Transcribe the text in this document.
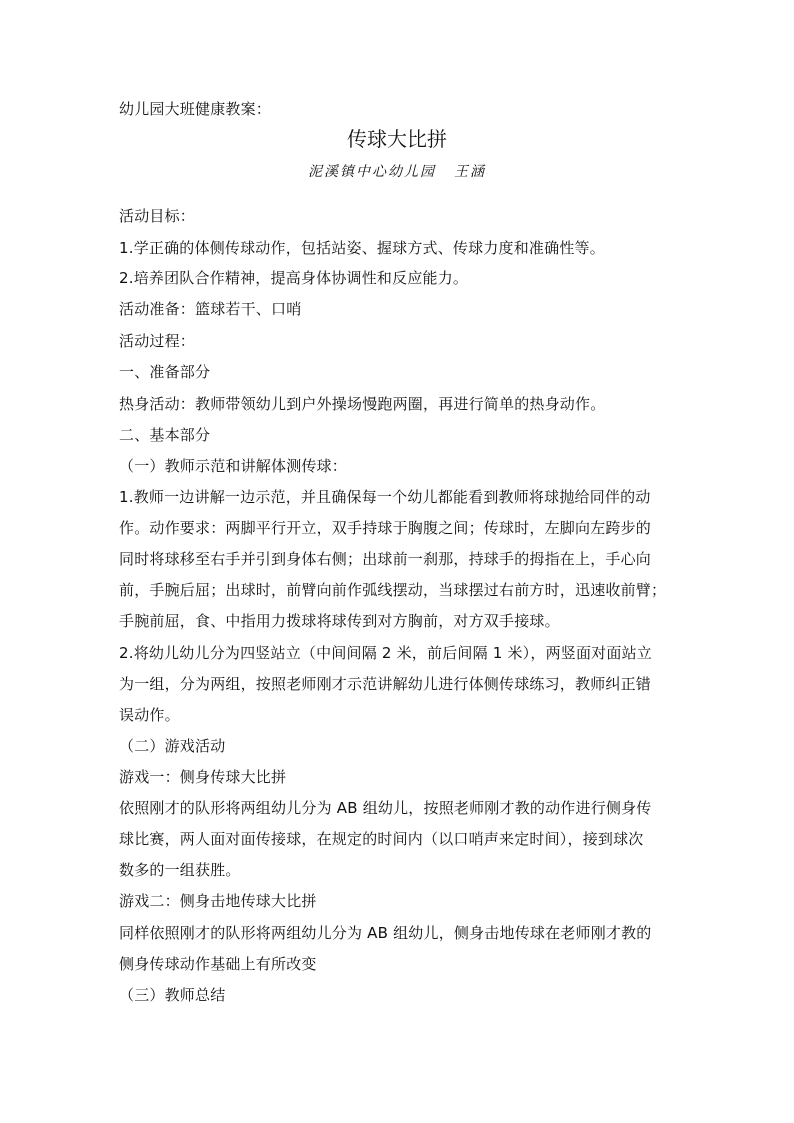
幼儿园大班健康教案：
传球大比拼
泥溪镇中心幼儿园 王涵
活动目标：
1.学正确的体侧传球动作，包括站姿、握球方式、传球力度和准确性等。
2.培养团队合作精神，提高身体协调性和反应能力。
活动准备：篮球若干、口哨
活动过程：
一、准备部分
热身活动：教师带领幼儿到户外操场慢跑两圈，再进行简单的热身动作。
二、基本部分
（一）教师示范和讲解体测传球：
1.教师一边讲解一边示范，并且确保每一个幼儿都能看到教师将球抛给同伴的动
作。动作要求：两脚平行开立，双手持球于胸腹之间；传球时，左脚向左跨步的
同时将球移至右手并引到身体右侧；出球前一刹那，持球手的拇指在上，手心向
前，手腕后屈；出球时，前臂向前作弧线摆动，当球摆过右前方时，迅速收前臂；
手腕前屈，食、中指用力拨球将球传到对方胸前，对方双手接球。
2.将幼儿幼儿分为四竖站立（中间间隔 2 米，前后间隔 1 米），两竖面对面站立
为一组，分为两组，按照老师刚才示范讲解幼儿进行体侧传球练习，教师纠正错
误动作。
（二）游戏活动
游戏一：侧身传球大比拼
依照刚才的队形将两组幼儿分为 AB 组幼儿，按照老师刚才教的动作进行侧身传
球比赛，两人面对面传接球，在规定的时间内（以口哨声来定时间），接到球次
数多的一组获胜。
游戏二：侧身击地传球大比拼
同样依照刚才的队形将两组幼儿分为 AB 组幼儿，侧身击地传球在老师刚才教的
侧身传球动作基础上有所改变
（三）教师总结
